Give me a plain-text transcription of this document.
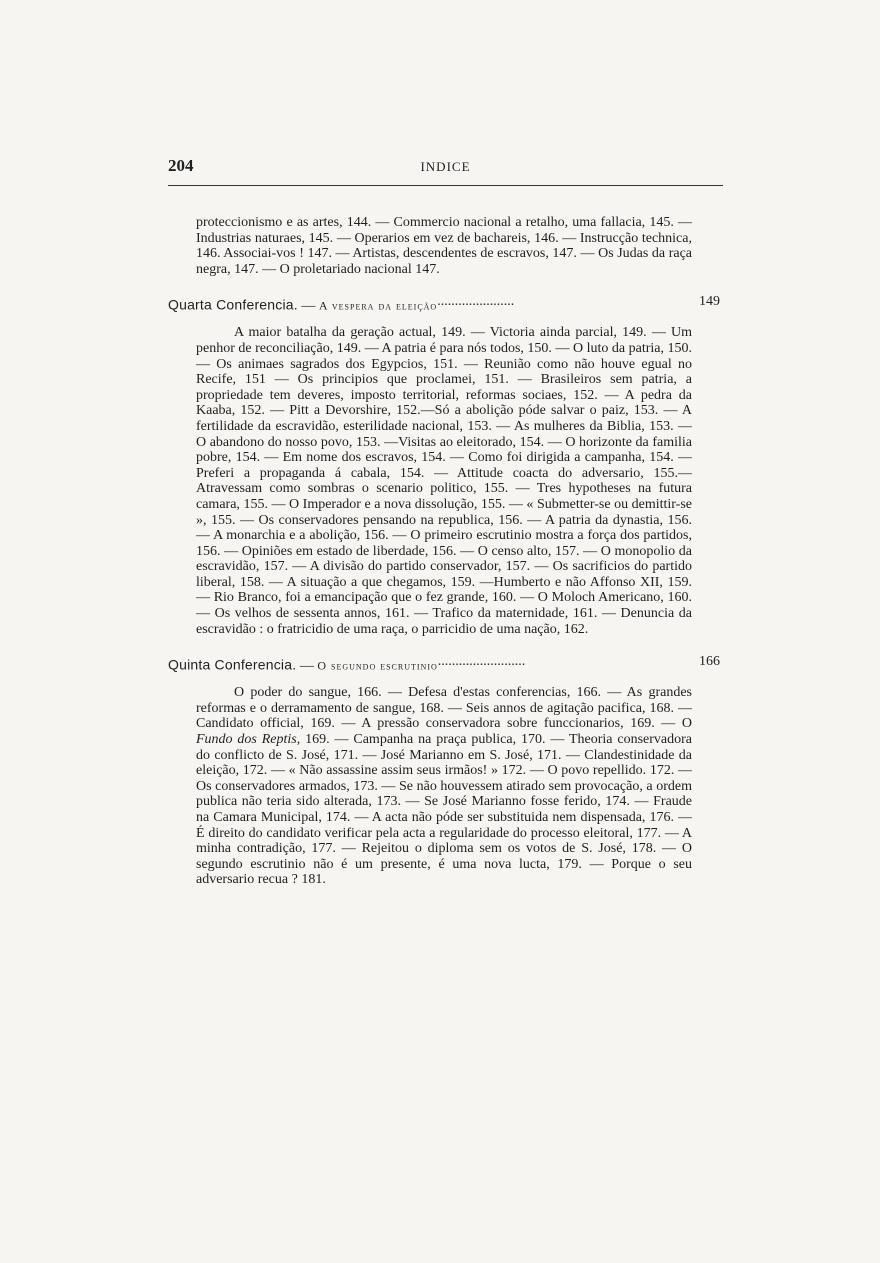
204	INDICE

proteccionismo e as artes, 144. — Commercio nacional a retalho, uma fallacia, 145. — Industrias naturaes, 145. — Operarios em vez de bachareis, 146. — Instrucção technica, 146. Associai-vos ! 147. — Artistas, descendentes de escravos, 147. — Os Judas da raça negra, 147. — O proletariado nacional 147.

Quarta Conferencia. — A vespera da eleição......................	149

A maior batalha da geração actual, 149. — Victoria ainda parcial, 149. — Um penhor de reconciliação, 149. — A patria é para nós todos, 150. — O luto da patria, 150. — Os animaes sagrados dos Egypcios, 151. — Reunião como não houve egual no Recife, 151 — Os principios que proclamei, 151. — Brasileiros sem patria, a propriedade tem deveres, imposto territorial, reformas sociaes, 152. — A pedra da Kaaba, 152. — Pitt a Devorshire, 152.—Só a abolição póde salvar o paiz, 153. — A fertilidade da escravidão, esterilidade nacional, 153. — As mulheres da Biblia, 153. — O abandono do nosso povo, 153. —Visitas ao eleitorado, 154. — O horizonte da familia pobre, 154. — Em nome dos escravos, 154. — Como foi dirigida a campanha, 154. — Preferi a propaganda á cabala, 154. — Attitude coacta do adversario, 155.— Atravessam como sombras o scenario politico, 155. — Tres hypotheses na futura camara, 155. — O Imperador e a nova dissolução, 155. — « Submetter-se ou demittir-se », 155. — Os conservadores pensando na republica, 156. — A patria da dynastia, 156. — A monarchia e a abolição, 156. — O primeiro escrutinio mostra a força dos partidos, 156. — Opiniões em estado de liberdade, 156. — O censo alto, 157. — O monopolio da escravidão, 157. — A divisão do partido conservador, 157. — Os sacrificios do partido liberal, 158. — A situação a que chegamos, 159. —Humberto e não Affonso XII, 159. — Rio Branco, foi a emancipação que o fez grande, 160. — O Moloch Americano, 160. — Os velhos de sessenta annos, 161. — Trafico da maternidade, 161. — Denuncia da escravidão : o fratricidio de uma raça, o parricidio de uma nação, 162.

Quinta Conferencia. — O segundo escrutinio.........................	166

O poder do sangue, 166. — Defesa d'estas conferencias, 166. — As grandes reformas e o derramamento de sangue, 168. — Seis annos de agitação pacifica, 168. — Candidato official, 169. — A pressão conservadora sobre funccionarios, 169. — O Fundo dos Reptis, 169. — Campanha na praça publica, 170. — Theoria conservadora do conflicto de S. José, 171. — José Marianno em S. José, 171. — Clandestinidade da eleição, 172. — « Não assassine assim seus irmãos! » 172. — O povo repellido. 172. — Os conservadores armados, 173. — Se não houvessem atirado sem provocação, a ordem publica não teria sido alterada, 173. — Se José Marianno fosse ferido, 174. — Fraude na Camara Municipal, 174. — A acta não póde ser substituida nem dispensada, 176. — É direito do candidato verificar pela acta a regularidade do processo eleitoral, 177. — A minha contradição, 177. — Rejeitou o diploma sem os votos de S. José, 178. — O segundo escrutinio não é um presente, é uma nova lucta, 179. — Porque o seu adversario recua ? 181.
